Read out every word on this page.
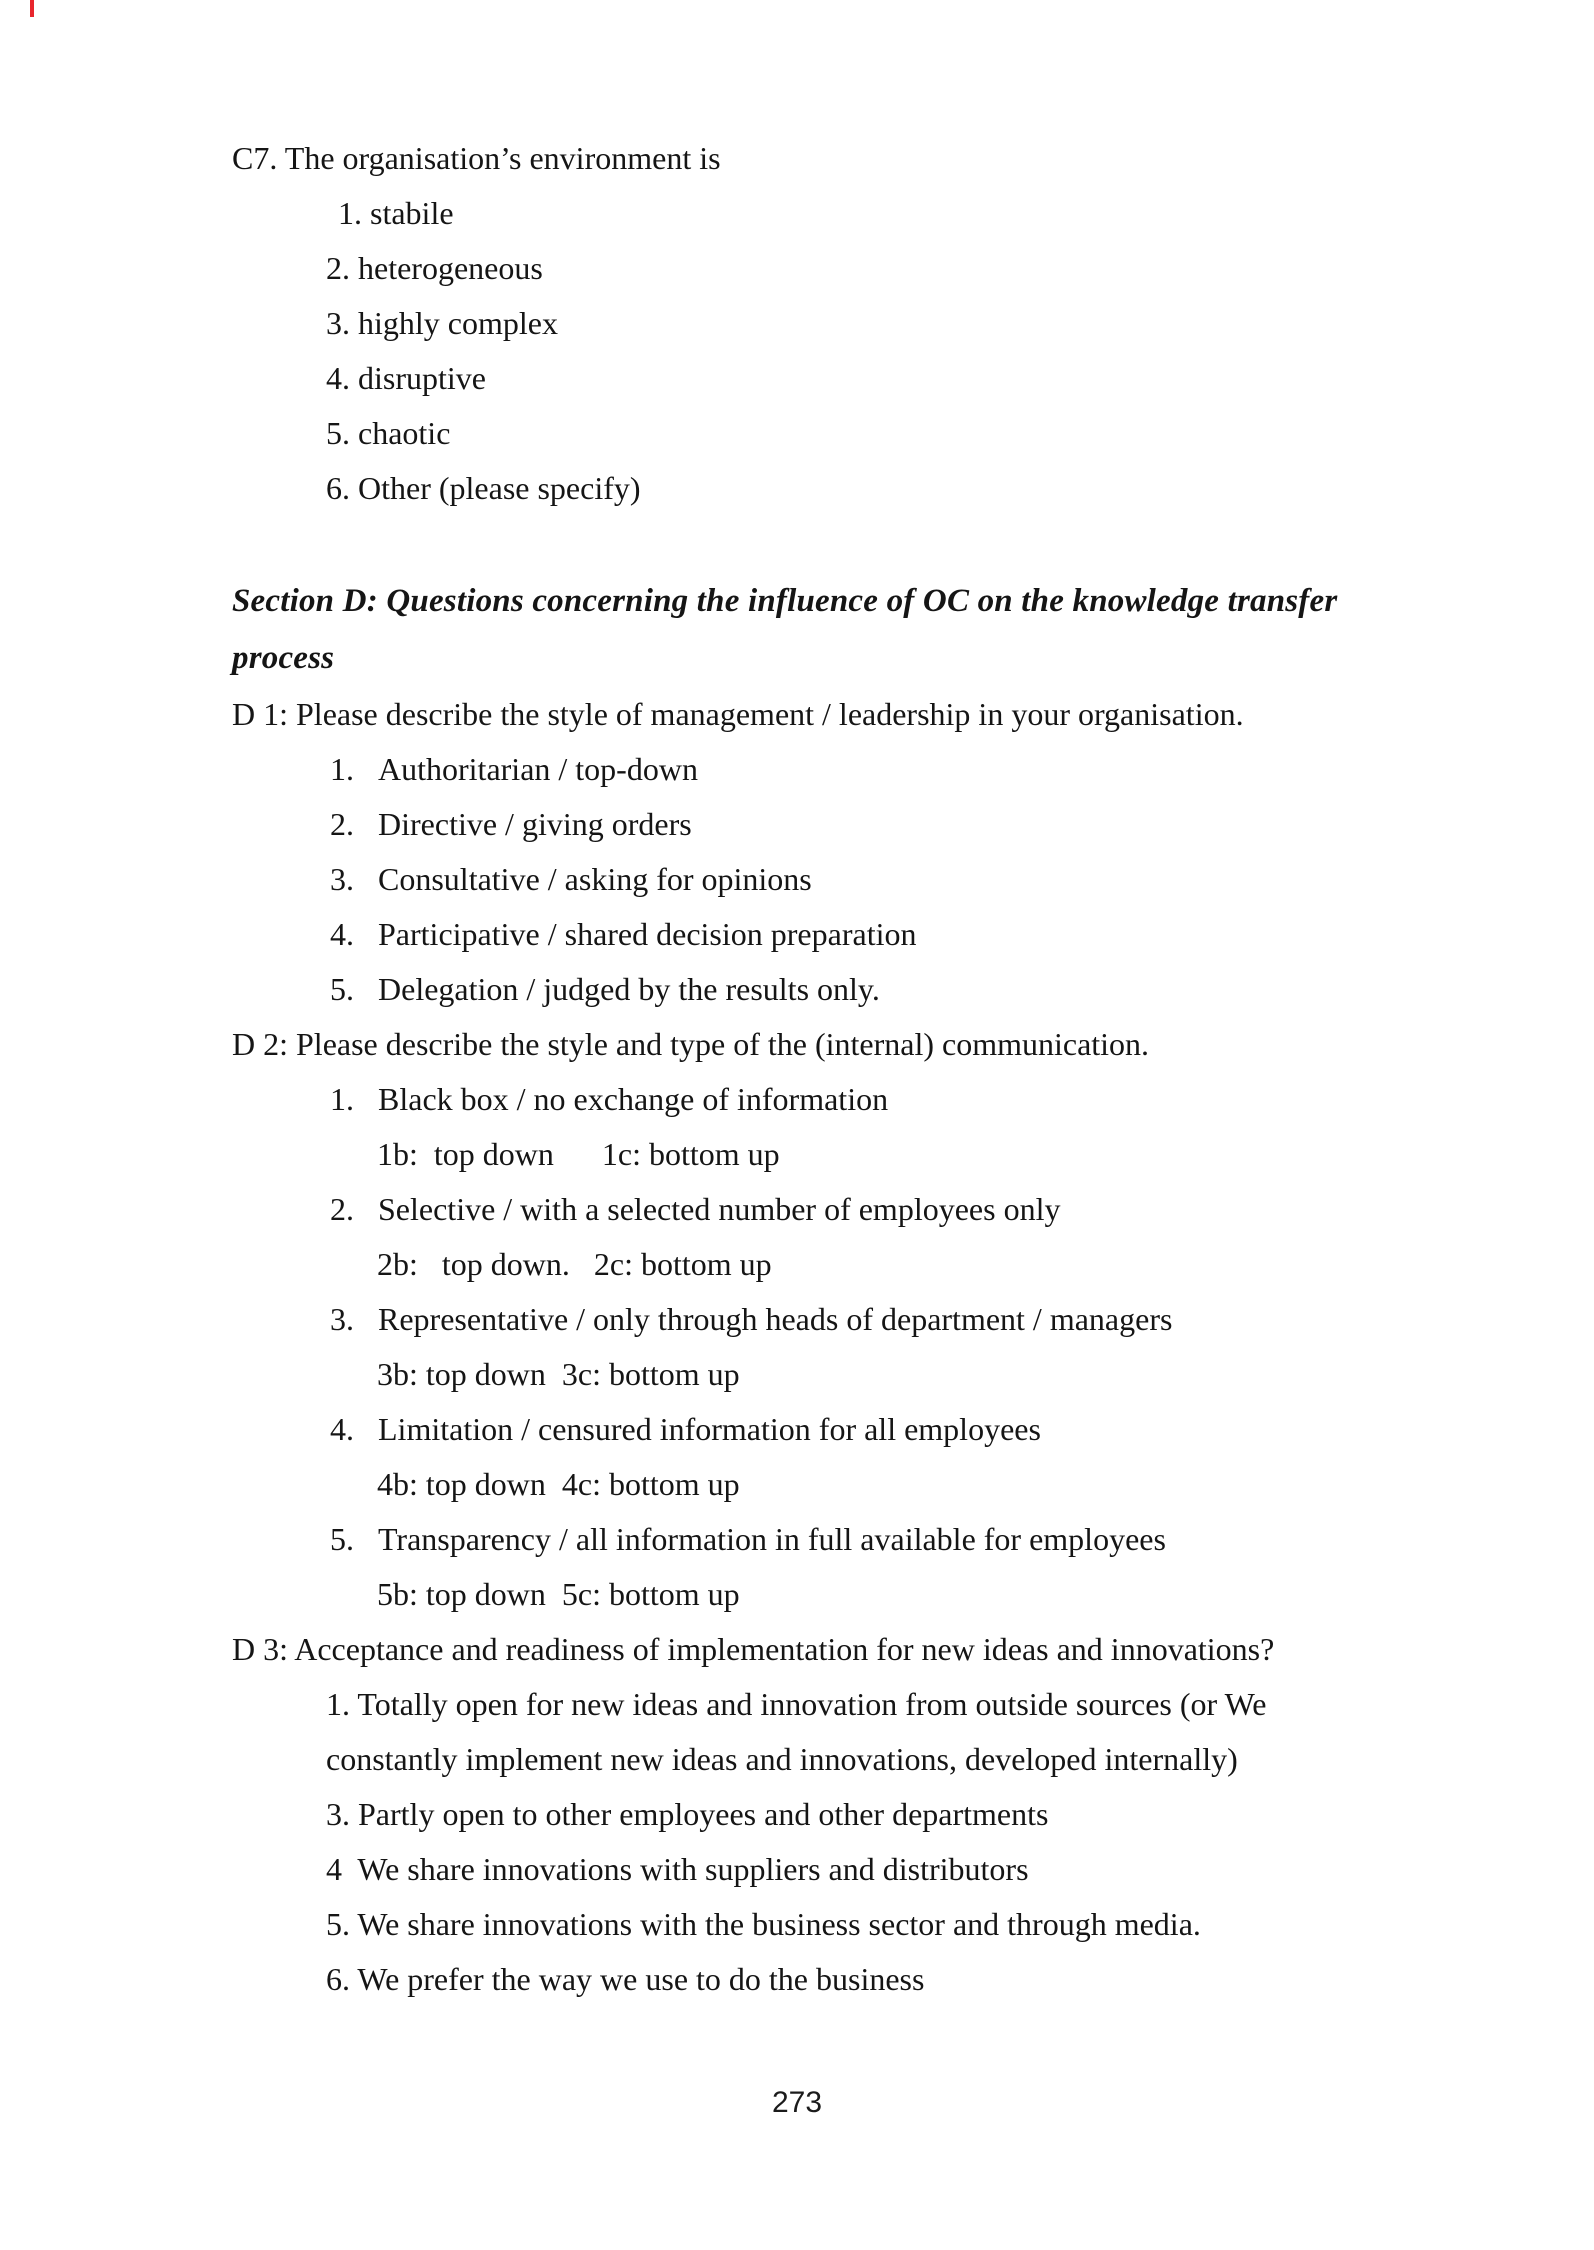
C7. The organisation’s environment is
1. stabile
2. heterogeneous
3. highly complex
4. disruptive
5. chaotic
6. Other (please specify)
Section D: Questions concerning the influence of OC on the knowledge transfer
process
D 1: Please describe the style of management / leadership in your organisation.
1. Authoritarian / top-down
2. Directive / giving orders
3. Consultative / asking for opinions
4. Participative / shared decision preparation
5. Delegation / judged by the results only.
D 2: Please describe the style and type of the (internal) communication.
1. Black box / no exchange of information
1b:  top down      1c: bottom up
2. Selective / with a selected number of employees only
2b:   top down.   2c: bottom up
3. Representative / only through heads of department / managers
3b: top down  3c: bottom up
4. Limitation / censured information for all employees
4b: top down  4c: bottom up
5. Transparency / all information in full available for employees
5b: top down  5c: bottom up
D 3: Acceptance and readiness of implementation for new ideas and innovations?
1. Totally open for new ideas and innovation from outside sources (or We
constantly implement new ideas and innovations, developed internally)
3. Partly open to other employees and other departments
4  We share innovations with suppliers and distributors
5. We share innovations with the business sector and through media.
6. We prefer the way we use to do the business
273
